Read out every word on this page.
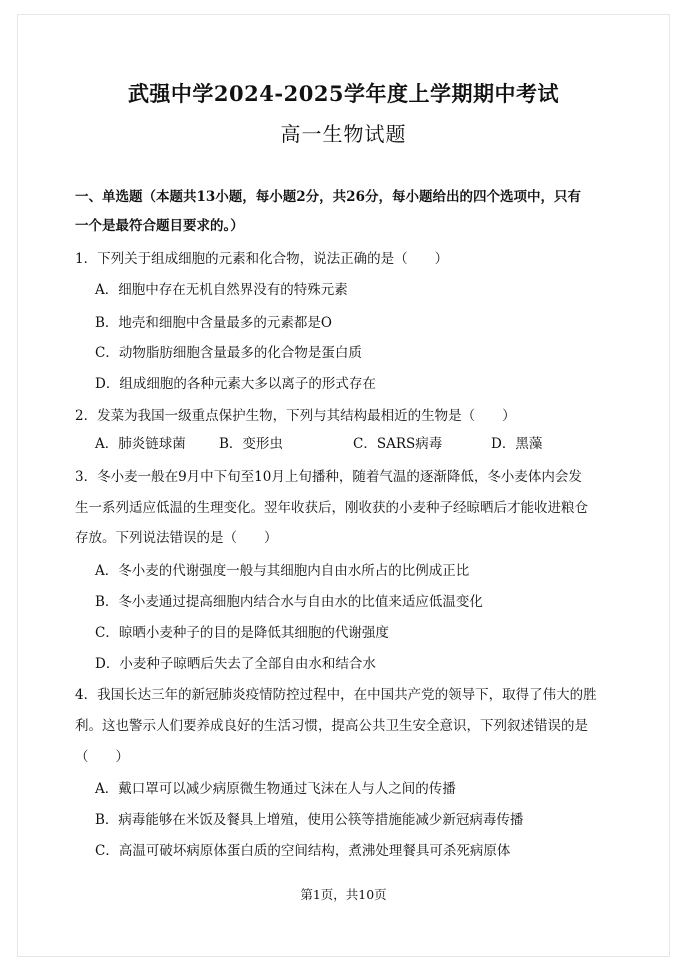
武强中学2024-2025学年度上学期期中考试
高一生物试题
一、单选题（本题共13小题，每小题2分，共26分，每小题给出的四个选项中，只有
一个是最符合题目要求的。）
1．下列关于组成细胞的元素和化合物，说法正确的是（　　）
A．细胞中存在无机自然界没有的特殊元素
B．地壳和细胞中含量最多的元素都是O
C．动物脂肪细胞含量最多的化合物是蛋白质
D．组成细胞的各种元素大多以离子的形式存在
2．发菜为我国一级重点保护生物，下列与其结构最相近的生物是（　　）
A．肺炎链球菌 B．变形虫	C．SARS病毒	D．黑藻
3．冬小麦一般在9月中下旬至10月上旬播种，随着气温的逐渐降低，冬小麦体内会发
生一系列适应低温的生理变化。翌年收获后，刚收获的小麦种子经晾晒后才能收进粮仓
存放。下列说法错误的是（　　）
A．冬小麦的代谢强度一般与其细胞内自由水所占的比例成正比
B．冬小麦通过提高细胞内结合水与自由水的比值来适应低温变化
C．晾晒小麦种子的目的是降低其细胞的代谢强度
D．小麦种子晾晒后失去了全部自由水和结合水
4．我国长达三年的新冠肺炎疫情防控过程中，在中国共产党的领导下，取得了伟大的胜
利。这也警示人们要养成良好的生活习惯，提高公共卫生安全意识，下列叙述错误的是
（　　）
A．戴口罩可以减少病原微生物通过飞沫在人与人之间的传播
B．病毒能够在米饭及餐具上增殖，使用公筷等措施能减少新冠病毒传播
C．高温可破坏病原体蛋白质的空间结构，煮沸处理餐具可杀死病原体
第1页，共10页
